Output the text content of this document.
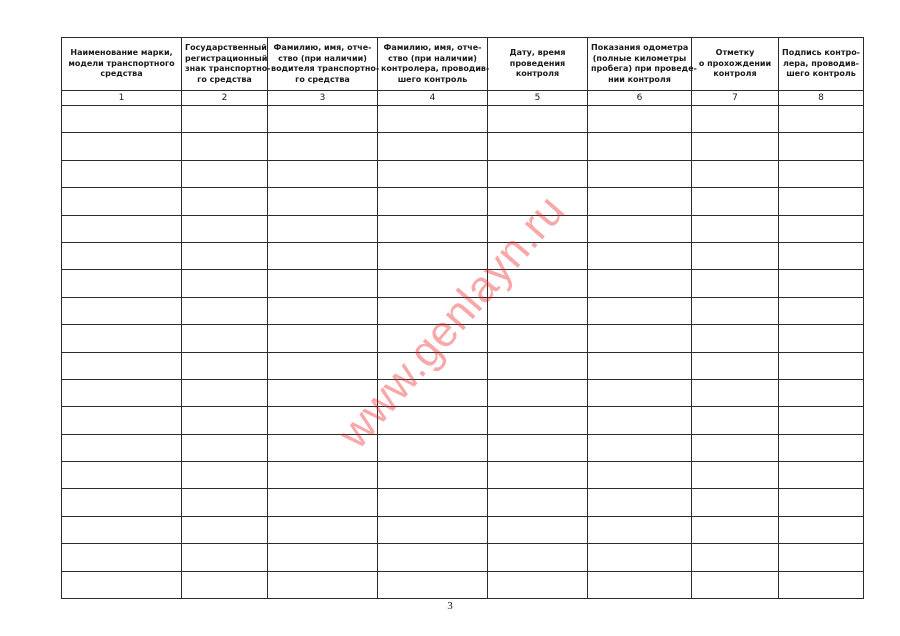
Наименование марки,
модели транспортного
средства	Государственный
регистрационный
знак транспортно-
го средства	Фамилию, имя, отче-
ство (при наличии)
водителя транспортно-
го средства	Фамилию, имя, отче-
ство (при наличии)
контролера, проводив-
шего контроль	Дату, время
проведения
контроля	Показания одометра
(полные километры
пробега) при проведе-
нии контроля	Отметку
о прохождении
контроля	Подпись контро-
лера, проводив-
шего контроль

1	2	3	4	5	6	7	8

www.genlayn.ru
3
